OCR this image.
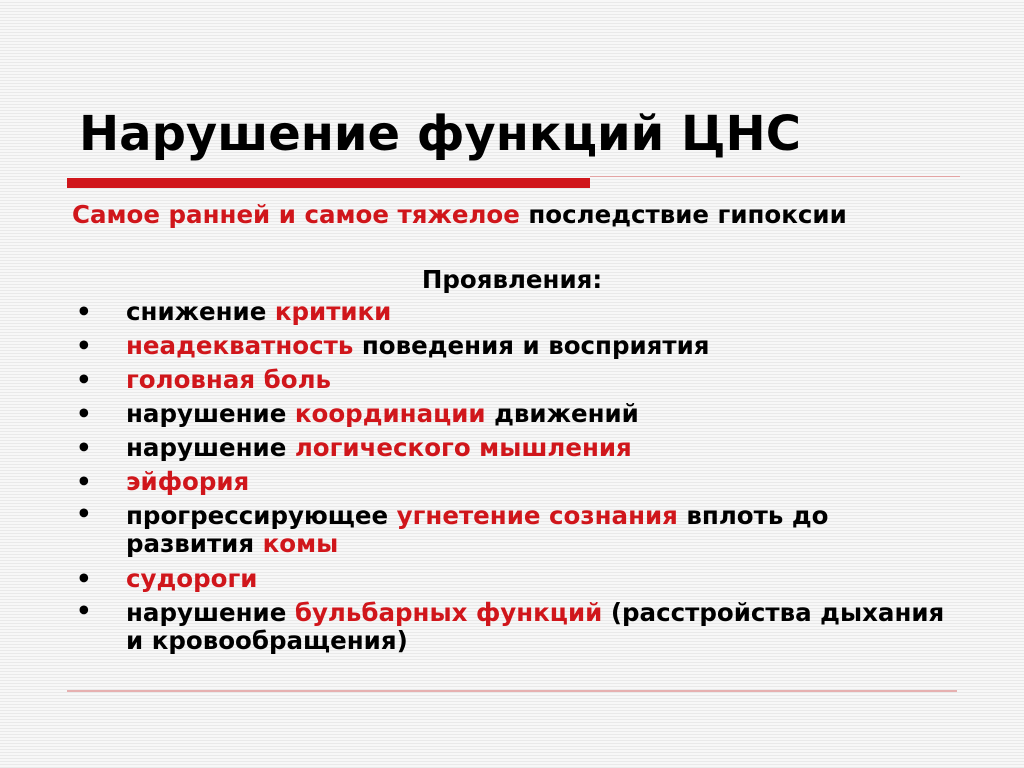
Нарушение функций ЦНС

Самое ранней и самое тяжелое последствие гипоксии

Проявления:

• снижение критики
• неадекватность поведения и восприятия
• головная боль
• нарушение координации движений
• нарушение логического мышления
• эйфория
• прогрессирующее угнетение сознания вплоть до развития комы
• судороги
• нарушение бульбарных функций (расстройства дыхания и кровообращения)
